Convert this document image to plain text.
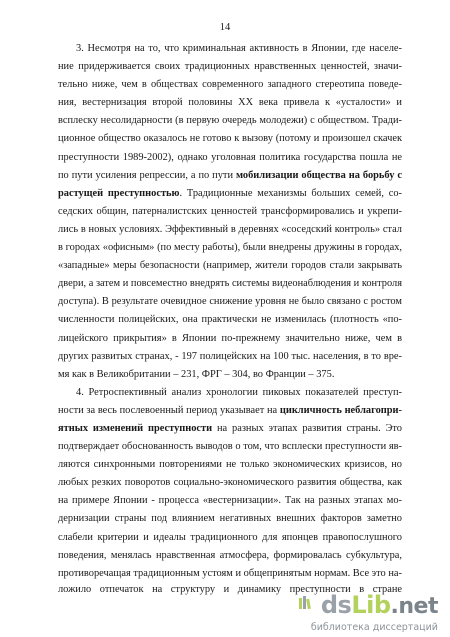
14
3. Несмотря на то, что криминальная активность в Японии, где населе-
ние придерживается своих традиционных нравственных ценностей, значи-
тельно ниже, чем в обществах современного западного стереотипа поведе-
ния, вестернизация второй половины XX века привела к «усталости» и
всплеску несолидарности (в первую очередь молодежи) с обществом. Тради-
ционное общество оказалось не готово к вызову (потому и произошел скачек
преступности 1989-2002), однако уголовная политика государства пошла не
по пути усиления репрессии, а по пути мобилизации общества на борьбу с
растущей преступностью. Традиционные механизмы больших семей, со-
седских общин, патерналистских ценностей трансформировались и укрепи-
лись в новых условиях. Эффективный в деревнях «соседский контроль» стал
в городах «офисным» (по месту работы), были внедрены дружины в городах,
«западные» меры безопасности (например, жители городов стали закрывать
двери, а затем и повсеместно внедрять системы видеонаблюдения и контроля
доступа). В результате очевидное снижение уровня не было связано с ростом
численности полицейских, она практически не изменилась (плотность «по-
лицейского прикрытия» в Японии по-прежнему значительно ниже, чем в
других развитых странах, - 197 полицейских на 100 тыс. населения, в то вре-
мя как в Великобритании – 231, ФРГ – 304, во Франции – 375.
4. Ретроспективный анализ хронологии пиковых показателей преступ-
ности за весь послевоенный период указывает на цикличность неблагопри-
ятных изменений преступности на разных этапах развития страны. Это
подтверждает обоснованность выводов о том, что всплески преступности яв-
ляются синхронными повторениями не только экономических кризисов, но
любых резких поворотов социально-экономического развития общества, как
на примере Японии - процесса «вестернизации». Так на разных этапах мо-
дернизации страны под влиянием негативных внешних факторов заметно
слабели критерии и идеалы традиционного для японцев правопослушного
поведения, менялась нравственная атмосфера, формировалась субкультура,
противоречащая традиционным устоям и общепринятым нормам. Все это на-
ложило отпечаток на структуру и динамику преступности в стране
dsLib.net
библиотека диссертаций
